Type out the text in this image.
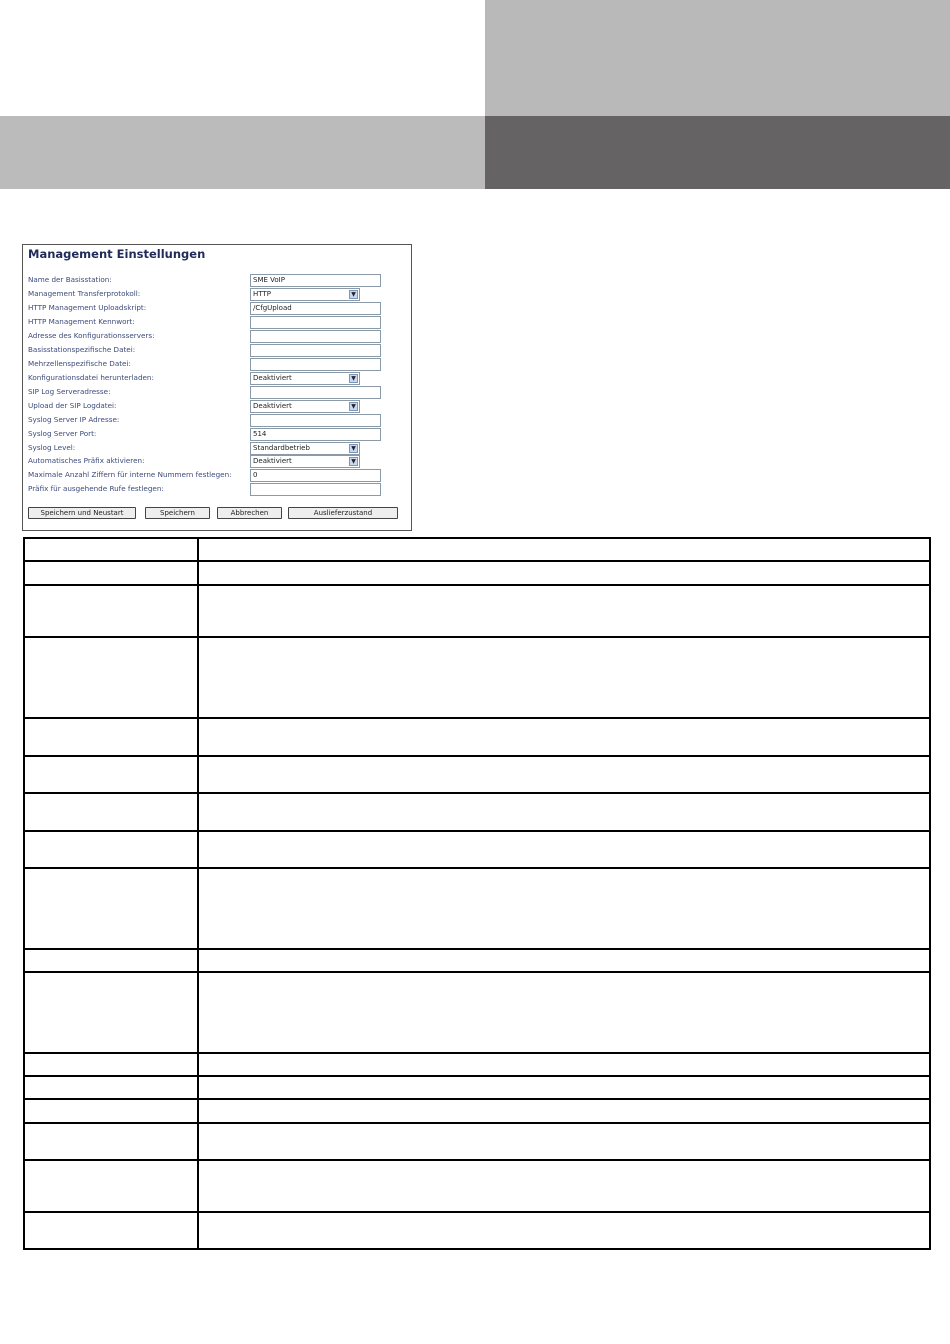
Management Einstellungen
Name der Basisstation:	SME VoIP
Management Transferprotokoll:	HTTP	▼
HTTP Management Uploadskript:	/CfgUpload
HTTP Management Kennwort:
Adresse des Konfigurationsservers:
Basisstationspezifische Datei:
Mehrzellenspezifische Datei:
Konfigurationsdatei herunterladen:	Deaktiviert	▼
SIP Log Serveradresse:
Upload der SIP Logdatei:	Deaktiviert	▼
Syslog Server IP Adresse:
Syslog Server Port:	514
Syslog Level:	Standardbetrieb	▼
Automatisches Präfix aktivieren:	Deaktiviert	▼
Maximale Anzahl Ziffern für interne Nummern festlegen:	0
Präfix für ausgehende Rufe festlegen:
Speichern und Neustart	Speichern	Abbrechen	Auslieferzustand
